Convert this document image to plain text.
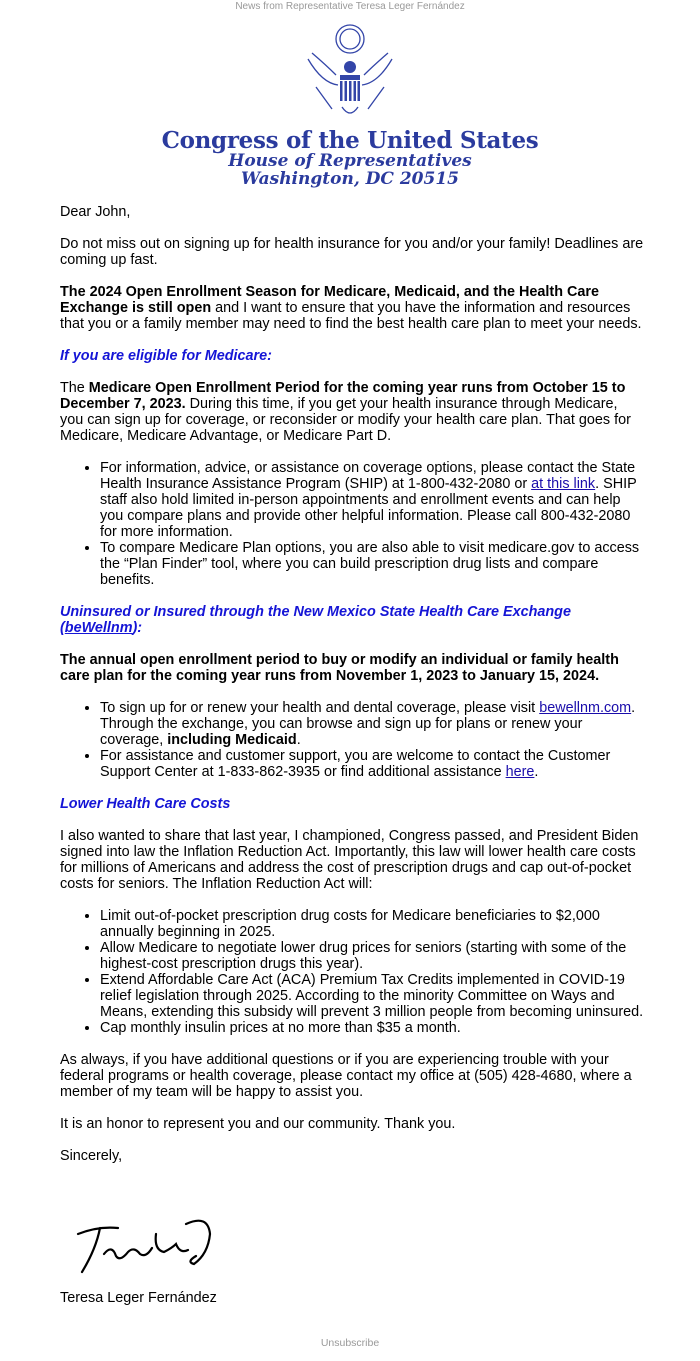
News from Representative Teresa Leger Fernández
Congress of the United States
House of Representatives
Washington, DC 20515

Dear John,

Do not miss out on signing up for health insurance for you and/or your family! Deadlines are coming up fast.

The 2024 Open Enrollment Season for Medicare, Medicaid, and the Health Care Exchange is still open and I want to ensure that you have the information and resources that you or a family member may need to find the best health care plan to meet your needs.

If you are eligible for Medicare:

The Medicare Open Enrollment Period for the coming year runs from October 15 to December 7, 2023. During this time, if you get your health insurance through Medicare, you can sign up for coverage, or reconsider or modify your health care plan. That goes for Medicare, Medicare Advantage, or Medicare Part D.

• For information, advice, or assistance on coverage options, please contact the State Health Insurance Assistance Program (SHIP) at 1-800-432-2080 or at this link. SHIP staff also hold limited in-person appointments and enrollment events and can help you compare plans and provide other helpful information. Please call 800-432-2080 for more information.
• To compare Medicare Plan options, you are also able to visit medicare.gov to access the “Plan Finder” tool, where you can build prescription drug lists and compare benefits.

Uninsured or Insured through the New Mexico State Health Care Exchange (beWellnm):

The annual open enrollment period to buy or modify an individual or family health care plan for the coming year runs from November 1, 2023 to January 15, 2024.

• To sign up for or renew your health and dental coverage, please visit bewellnm.com. Through the exchange, you can browse and sign up for plans or renew your coverage, including Medicaid.
• For assistance and customer support, you are welcome to contact the Customer Support Center at 1-833-862-3935 or find additional assistance here.

Lower Health Care Costs

I also wanted to share that last year, I championed, Congress passed, and President Biden signed into law the Inflation Reduction Act. Importantly, this law will lower health care costs for millions of Americans and address the cost of prescription drugs and cap out-of-pocket costs for seniors. The Inflation Reduction Act will:

• Limit out-of-pocket prescription drug costs for Medicare beneficiaries to $2,000 annually beginning in 2025.
• Allow Medicare to negotiate lower drug prices for seniors (starting with some of the highest-cost prescription drugs this year).
• Extend Affordable Care Act (ACA) Premium Tax Credits implemented in COVID-19 relief legislation through 2025. According to the minority Committee on Ways and Means, extending this subsidy will prevent 3 million people from becoming uninsured.
• Cap monthly insulin prices at no more than $35 a month.

As always, if you have additional questions or if you are experiencing trouble with your federal programs or health coverage, please contact my office at (505) 428-4680, where a member of my team will be happy to assist you.

It is an honor to represent you and our community. Thank you.

Sincerely,

Teresa Leger Fernández

Unsubscribe
